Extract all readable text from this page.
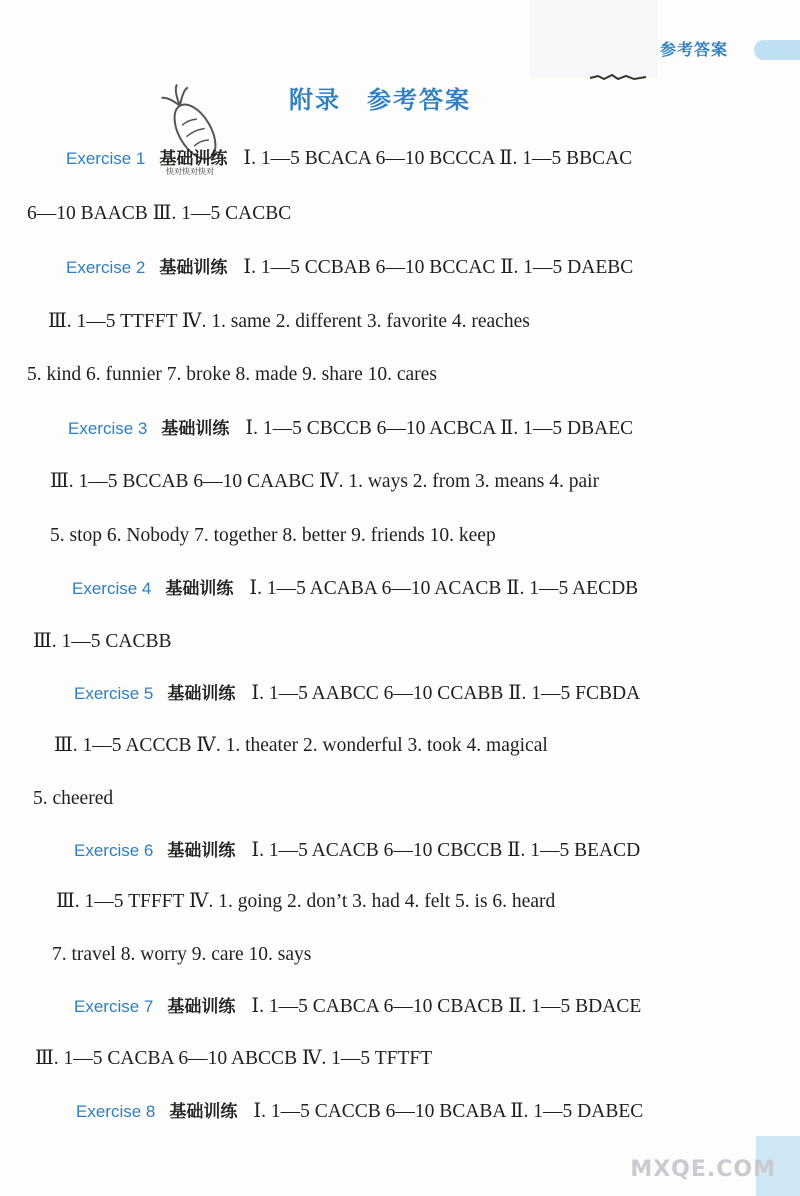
参考答案
快对快对快对
附录 参考答案
Exercise 1 基础训练 Ⅰ. 1—5 BCACA 6—10 BCCCA Ⅱ. 1—5 BBCAC
6—10 BAACB Ⅲ. 1—5 CACBC
Exercise 2 基础训练 Ⅰ. 1—5 CCBAB 6—10 BCCAC Ⅱ. 1—5 DAEBC
Ⅲ. 1—5 TTFFT Ⅳ. 1. same 2. different 3. favorite 4. reaches
5. kind 6. funnier 7. broke 8. made 9. share 10. cares
Exercise 3 基础训练 Ⅰ. 1—5 CBCCB 6—10 ACBCA Ⅱ. 1—5 DBAEC
Ⅲ. 1—5 BCCAB 6—10 CAABC Ⅳ. 1. ways 2. from 3. means 4. pair
5. stop 6. Nobody 7. together 8. better 9. friends 10. keep
Exercise 4 基础训练 Ⅰ. 1—5 ACABA 6—10 ACACB Ⅱ. 1—5 AECDB
Ⅲ. 1—5 CACBB
Exercise 5 基础训练 Ⅰ. 1—5 AABCC 6—10 CCABB Ⅱ. 1—5 FCBDA
Ⅲ. 1—5 ACCCB Ⅳ. 1. theater 2. wonderful 3. took 4. magical
5. cheered
Exercise 6 基础训练 Ⅰ. 1—5 ACACB 6—10 CBCCB Ⅱ. 1—5 BEACD
Ⅲ. 1—5 TFFFT Ⅳ. 1. going 2. don’t 3. had 4. felt 5. is 6. heard
7. travel 8. worry 9. care 10. says
Exercise 7 基础训练 Ⅰ. 1—5 CABCA 6—10 CBACB Ⅱ. 1—5 BDACE
Ⅲ. 1—5 CACBA 6—10 ABCCB Ⅳ. 1—5 TFTFT
Exercise 8 基础训练 Ⅰ. 1—5 CACCB 6—10 BCABA Ⅱ. 1—5 DABEC
MXQE.COM
